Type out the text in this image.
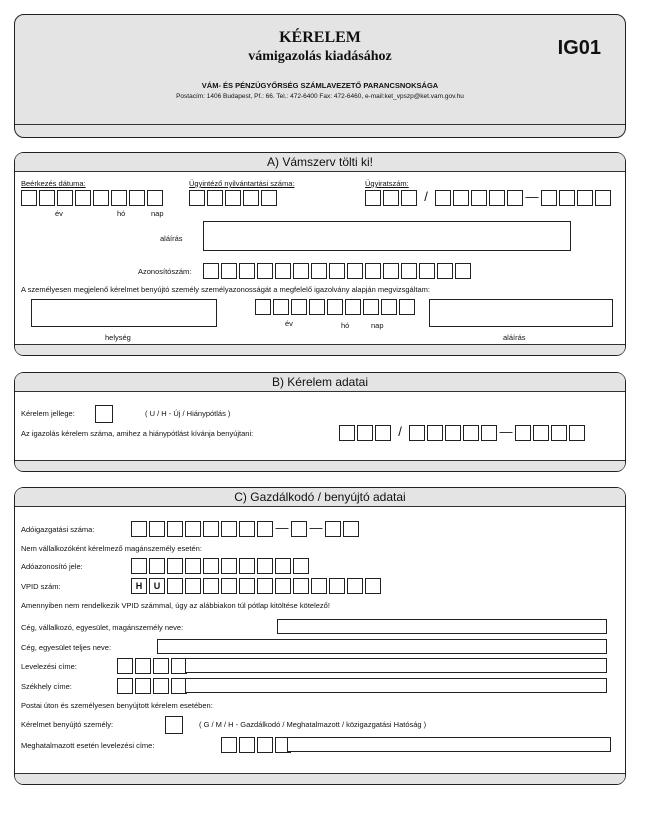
KÉRELEM
vámigazolás kiadásához	IG01
VÁM- ÉS PÉNZÜGYŐRSÉG SZÁMLAVEZETŐ PARANCSNOKSÁGA
Postacím: 1406 Budapest, Pf.: 66. Tel.: 472-6400 Fax: 472-6460, e-mail:ket_vpszp@ket.vam.gov.hu
A) Vámszerv tölti ki!
Beérkezés dátuma:
év	hó	nap
Ügyintéző nyilvántartási száma:	Ügyiratszám:
/	—
aláírás
Azonosítószám:
A személyesen megjelenő kérelmet benyújtó személy személyazonosságát a megfelelő igazolvány alapján megvizsgáltam:
helység
év	hó	nap
aláírás
B) Kérelem adatai
Kérelem jellege:	( U / H - Új / Hiánypótlás )
Az igazolás kérelem száma, amihez a hiánypótlást kívánja benyújtani:	/	—
C) Gazdálkodó / benyújtó adatai
Adóigazgatási száma:	— —
Nem vállalkozóként kérelmező magánszemély esetén:
Adóazonosító jele:
VPID szám:	H	U
Amennyiben nem rendelkezik VPID számmal, úgy az alábbiakon túl pótlap kitöltése kötelező!
Cég, vállalkozó, egyesület, magánszemély neve:
Cég, egyesület teljes neve:
Levelezési címe:
Székhely címe:
Postai úton és személyesen benyújtott kérelem esetében:
Kérelmet benyújtó személy:	( G / M / H - Gazdálkodó / Meghatalmazott / közigazgatási Hatóság )
Meghatalmazott esetén levelezési címe:
